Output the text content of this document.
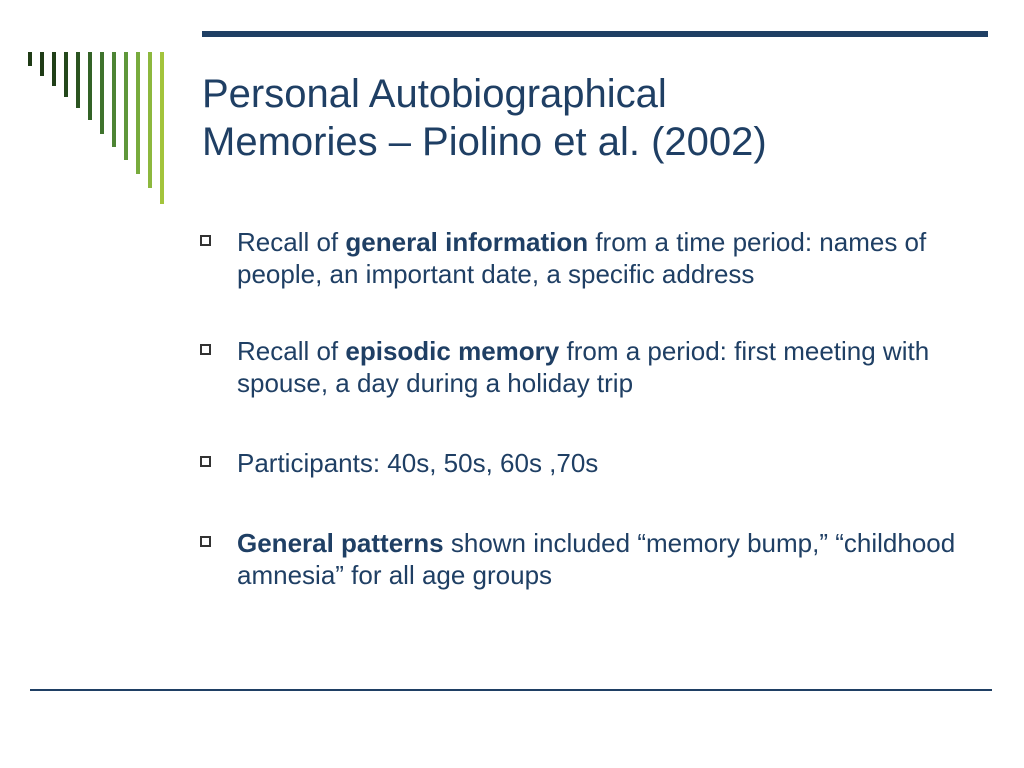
Personal Autobiographical
Memories – Piolino et al. (2002)

Recall of general information from a time period: names of people, an important date, a specific address

Recall of episodic memory from a period: first meeting with spouse, a day during a holiday trip

Participants: 40s, 50s, 60s ,70s

General patterns shown included “memory bump,” “childhood amnesia” for all age groups
